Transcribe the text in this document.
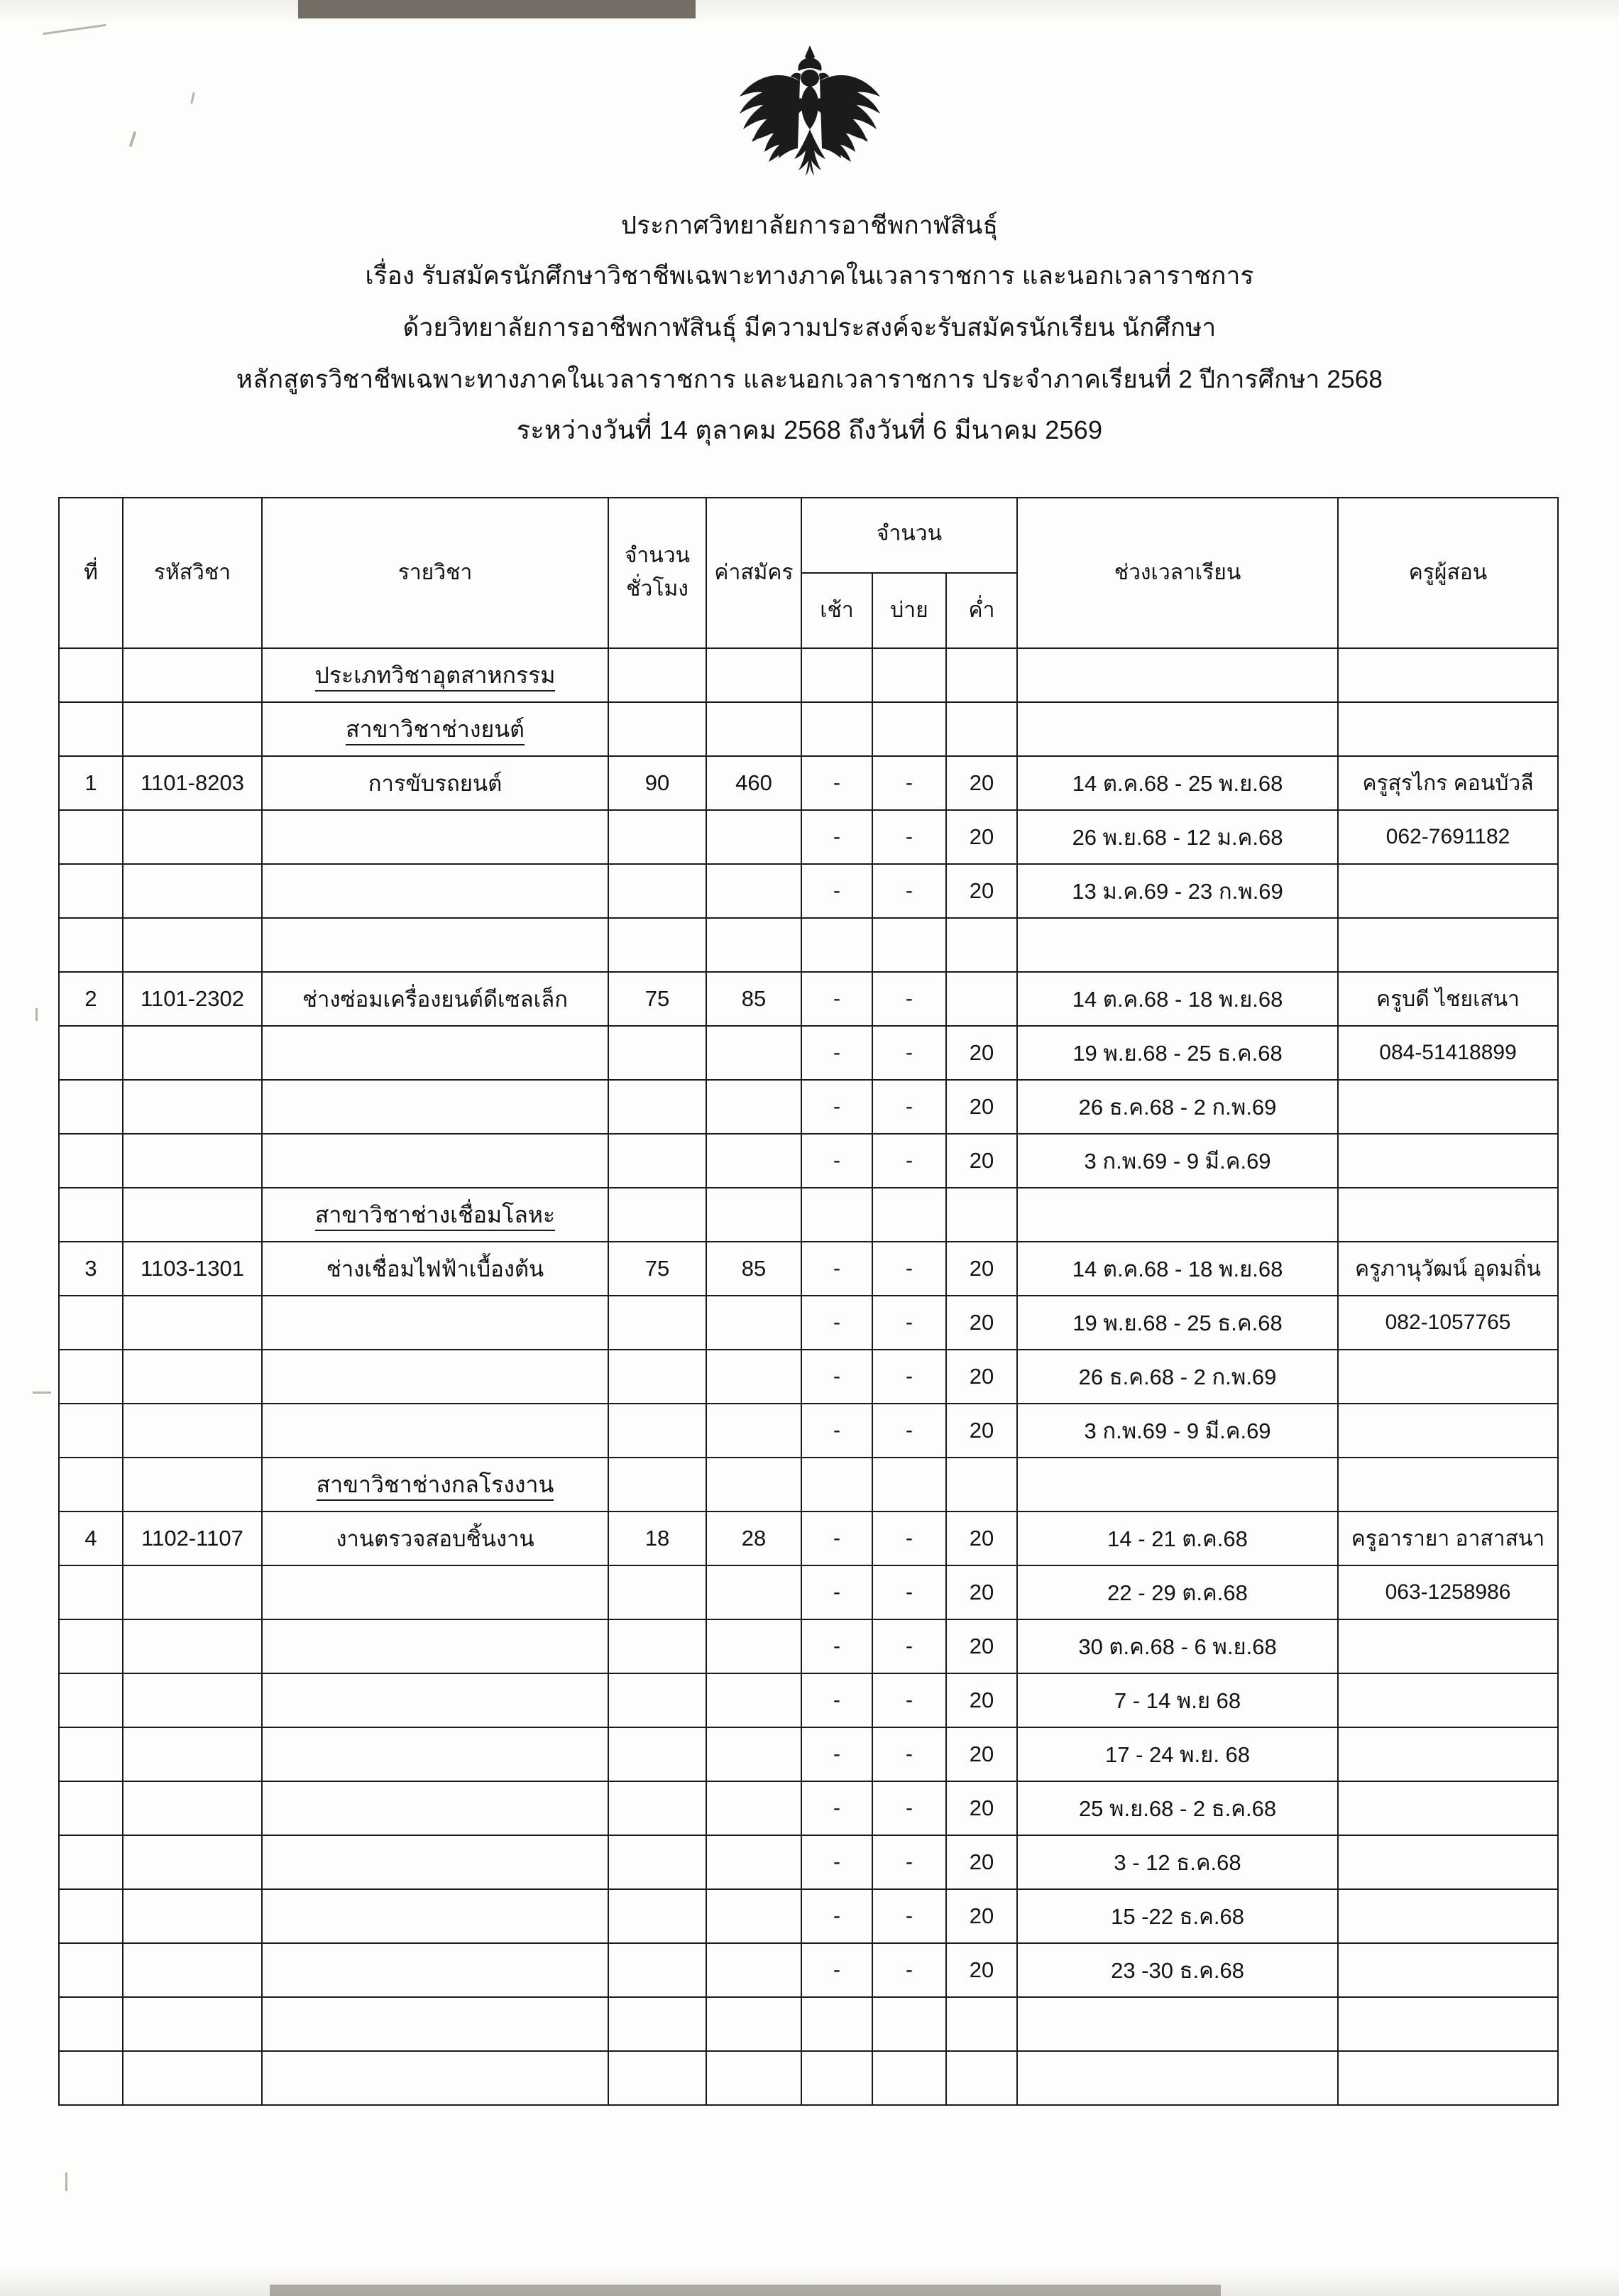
ประกาศวิทยาลัยการอาชีพกาฬสินธุ์
เรื่อง รับสมัครนักศึกษาวิชาชีพเฉพาะทางภาคในเวลาราชการ และนอกเวลาราชการ
ด้วยวิทยาลัยการอาชีพกาฬสินธุ์ มีความประสงค์จะรับสมัครนักเรียน นักศึกษา
หลักสูตรวิชาชีพเฉพาะทางภาคในเวลาราชการ และนอกเวลาราชการ ประจำภาคเรียนที่ 2 ปีการศึกษา 2568
ระหว่างวันที่ 14 ตุลาคม 2568 ถึงวันที่ 6 มีนาคม 2569
ที่	รหัสวิชา	รายวิชา	จำนวน
ชั่วโมง	ค่าสมัคร	จำนวน			ช่วงเวลาเรียน	ครูผู้สอน
					เช้า	บ่าย	ค่ำ		
		ประเภทวิชาอุตสาหกรรม							
		สาขาวิชาช่างยนต์							
1	1101-8203	การขับรถยนต์	90	460	-	-	20	14 ต.ค.68 - 25 พ.ย.68	ครูสุรไกร คอนบัวลี
					-	-	20	26 พ.ย.68 - 12 ม.ค.68	062-7691182
					-	-	20	13 ม.ค.69 - 23 ก.พ.69	

2	1101-2302	ช่างซ่อมเครื่องยนต์ดีเซลเล็ก	75	85	-	-		14 ต.ค.68 - 18 พ.ย.68	ครูบดี ไชยเสนา
					-	-	20	19 พ.ย.68 - 25 ธ.ค.68	084-51418899
					-	-	20	26 ธ.ค.68 - 2 ก.พ.69	
					-	-	20	3 ก.พ.69 - 9 มี.ค.69	
		สาขาวิชาช่างเชื่อมโลหะ							
3	1103-1301	ช่างเชื่อมไฟฟ้าเบื้องต้น	75	85	-	-	20	14 ต.ค.68 - 18 พ.ย.68	ครูภานุวัฒน์ อุดมถิ่น
					-	-	20	19 พ.ย.68 - 25 ธ.ค.68	082-1057765
					-	-	20	26 ธ.ค.68 - 2 ก.พ.69	
					-	-	20	3 ก.พ.69 - 9 มี.ค.69	
		สาขาวิชาช่างกลโรงงาน							
4	1102-1107	งานตรวจสอบชิ้นงาน	18	28	-	-	20	14 - 21 ต.ค.68	ครูอารายา อาสาสนา
					-	-	20	22 - 29 ต.ค.68	063-1258986
					-	-	20	30 ต.ค.68 - 6 พ.ย.68	
					-	-	20	7 - 14 พ.ย 68	
					-	-	20	17 - 24 พ.ย. 68	
					-	-	20	25 พ.ย.68 - 2 ธ.ค.68	
					-	-	20	3 - 12 ธ.ค.68	
					-	-	20	15 -22 ธ.ค.68	
					-	-	20	23 -30 ธ.ค.68	
